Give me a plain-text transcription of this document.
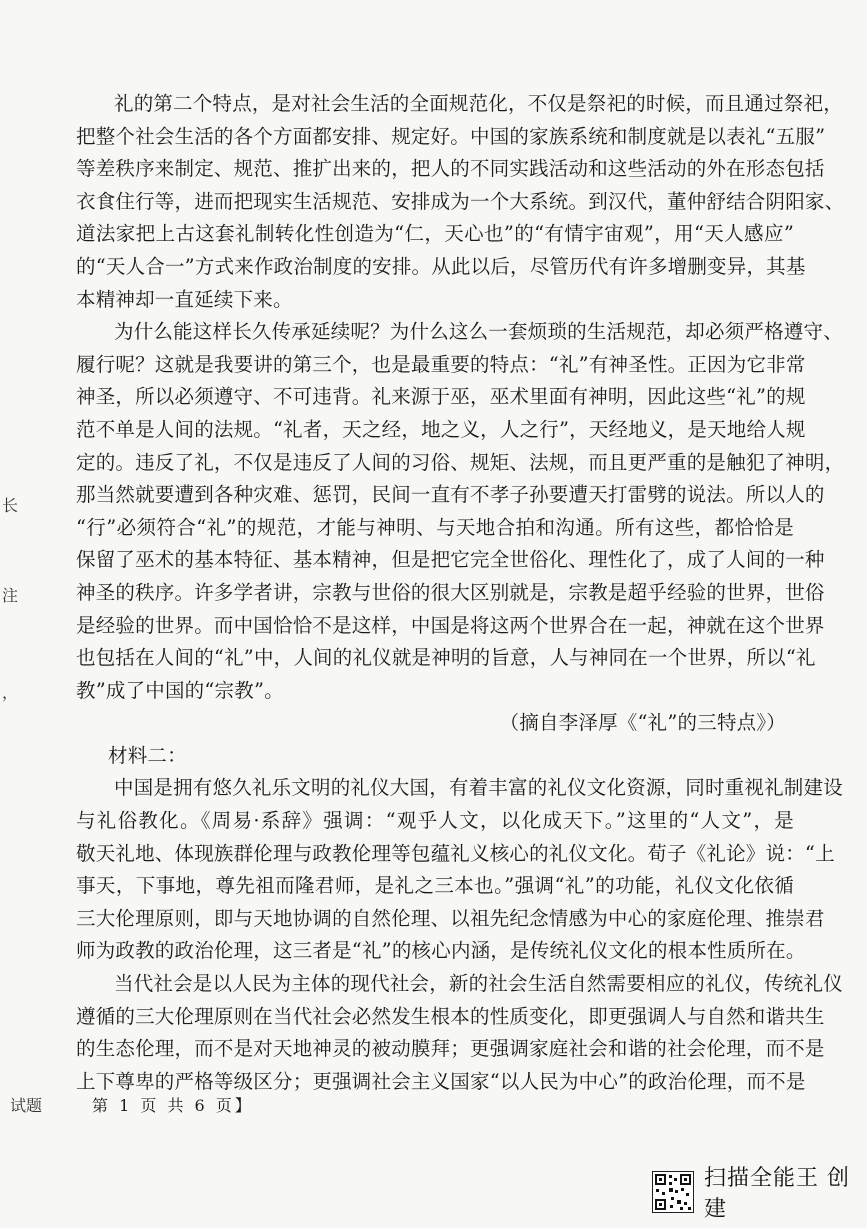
长
注
，
礼的第二个特点，是对社会生活的全面规范化，不仅是祭祀的时候，而且通过祭祀，
把整个社会生活的各个方面都安排、规定好。中国的家族系统和制度就是以表礼“五服”
等差秩序来制定、规范、推扩出来的，把人的不同实践活动和这些活动的外在形态包括
衣食住行等，进而把现实生活规范、安排成为一个大系统。到汉代，董仲舒结合阴阳家、
道法家把上古这套礼制转化性创造为“仁，天心也”的“有情宇宙观”，用“天人感应”
的“天人合一”方式来作政治制度的安排。从此以后，尽管历代有许多增删变异，其基
本精神却一直延续下来。
为什么能这样长久传承延续呢？为什么这么一套烦琐的生活规范，却必须严格遵守、
履行呢？这就是我要讲的第三个，也是最重要的特点：“礼”有神圣性。正因为它非常
神圣，所以必须遵守、不可违背。礼来源于巫，巫术里面有神明，因此这些“礼”的规
范不单是人间的法规。“礼者，天之经，地之义，人之行”，天经地义，是天地给人规
定的。违反了礼，不仅是违反了人间的习俗、规矩、法规，而且更严重的是触犯了神明，
那当然就要遭到各种灾难、惩罚，民间一直有不孝子孙要遭天打雷劈的说法。所以人的
“行”必须符合“礼”的规范，才能与神明、与天地合拍和沟通。所有这些，都恰恰是
保留了巫术的基本特征、基本精神，但是把它完全世俗化、理性化了，成了人间的一种
神圣的秩序。许多学者讲，宗教与世俗的很大区别就是，宗教是超乎经验的世界，世俗
是经验的世界。而中国恰恰不是这样，中国是将这两个世界合在一起，神就在这个世界
也包括在人间的“礼”中，人间的礼仪就是神明的旨意，人与神同在一个世界，所以“礼
教”成了中国的“宗教”。
（摘自李泽厚《“礼”的三特点》）
材料二：
中国是拥有悠久礼乐文明的礼仪大国，有着丰富的礼仪文化资源，同时重视礼制建设
与礼俗教化。《周易·系辞》强调：“观乎人文，以化成天下。”这里的“人文”，是
敬天礼地、体现族群伦理与政教伦理等包蕴礼义核心的礼仪文化。荀子《礼论》说：“上
事天，下事地，尊先祖而隆君师，是礼之三本也。”强调“礼”的功能，礼仪文化依循
三大伦理原则，即与天地协调的自然伦理、以祖先纪念情感为中心的家庭伦理、推崇君
师为政教的政治伦理，这三者是“礼”的核心内涵，是传统礼仪文化的根本性质所在。
当代社会是以人民为主体的现代社会，新的社会生活自然需要相应的礼仪，传统礼仪
遵循的三大伦理原则在当代社会必然发生根本的性质变化，即更强调人与自然和谐共生
的生态伦理，而不是对天地神灵的被动膜拜；更强调家庭社会和谐的社会伦理，而不是
上下尊卑的严格等级区分；更强调社会主义国家“以人民为中心”的政治伦理，而不是
试题	第 1 页 共 6 页】
扫描全能王 创建
